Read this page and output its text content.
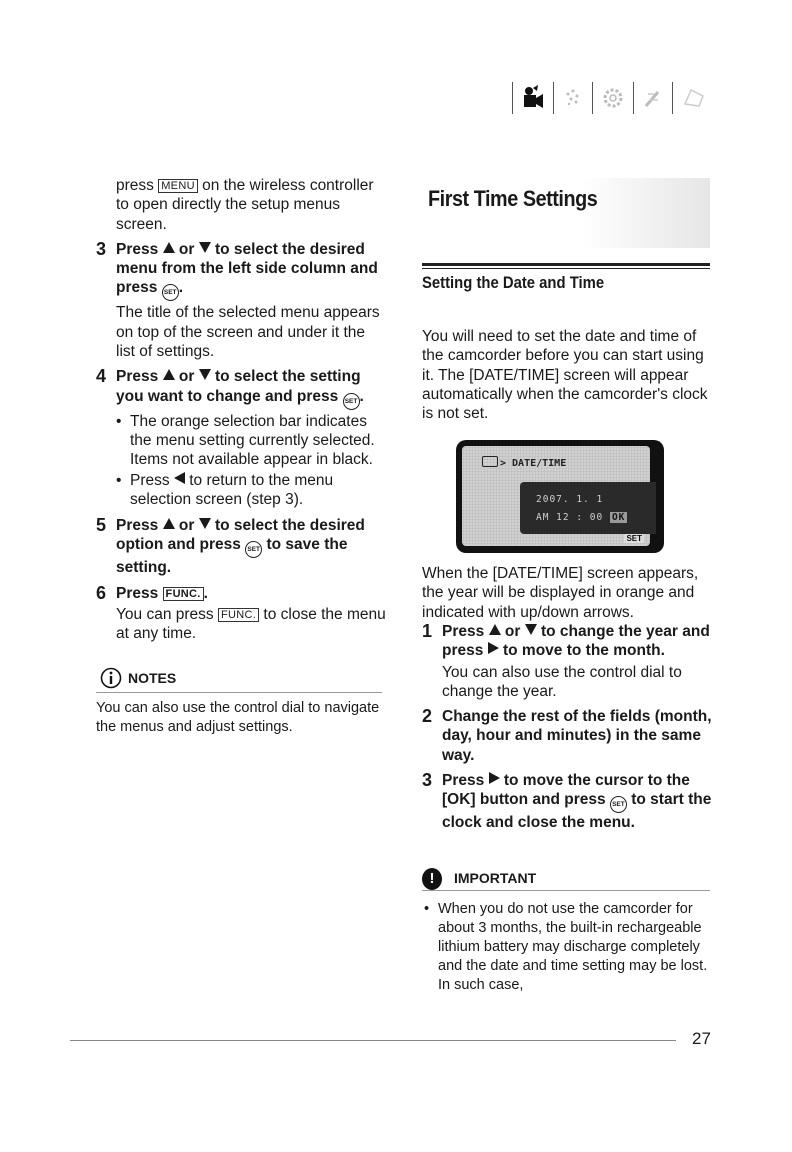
press MENU on the wireless controller to open directly the setup menus screen.
3 Press or to select the desired menu from the left side column and press SET .
The title of the selected menu appears on top of the screen and under it the list of settings.
4 Press or to select the setting you want to change and press SET .
• The orange selection bar indicates the menu setting currently selected. Items not available appear in black.
• Press to return to the menu selection screen (step 3).
5 Press or to select the desired option and press SET to save the setting.
6 Press FUNC. .
You can press FUNC. to close the menu at any time.
NOTES
You can also use the control dial to navigate the menus and adjust settings.
First Time Settings
Setting the Date and Time
You will need to set the date and time of the camcorder before you can start using it. The [DATE/TIME] screen will appear automatically when the camcorder's clock is not set.
> DATE/TIME
2007. 1. 1
AM 12 : 00 OK
SET
When the [DATE/TIME] screen appears, the year will be displayed in orange and indicated with up/down arrows.
1 Press or to change the year and press to move to the month.
You can also use the control dial to change the year.
2 Change the rest of the fields (month, day, hour and minutes) in the same way.
3 Press to move the cursor to the [OK] button and press SET to start the clock and close the menu.
!	IMPORTANT
• When you do not use the camcorder for about 3 months, the built-in rechargeable lithium battery may discharge completely and the date and time setting may be lost. In such case,
27
